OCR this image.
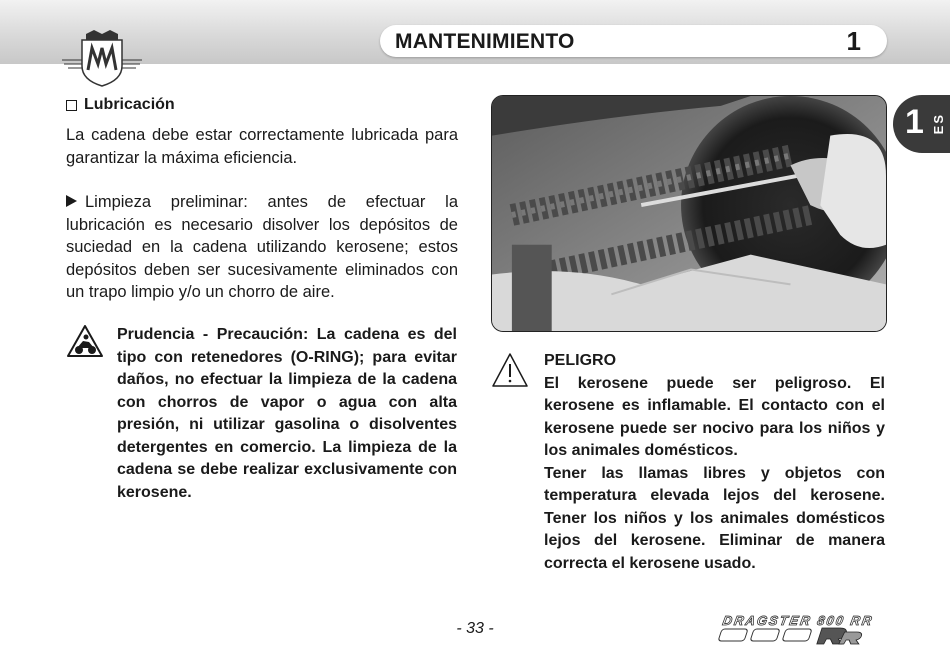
MANTENIMIENTO	1
1 ES
Lubricación

La cadena debe estar correctamente lubricada para garantizar la máxima eficiencia.

Limpieza preliminar: antes de efectuar la lubricación es necesario disolver los depósitos de suciedad en la cadena utilizando kerosene; estos depósitos deben ser sucesivamente eliminados con un trapo limpio y/o un chorro de aire.

Prudencia - Precaución: La cadena es del tipo con retenedores (O-RING); para evitar daños, no efectuar la limpieza de la cadena con chorros de vapor o agua con alta presión, ni utilizar gasolina o disolventes detergentes en comercio. La limpieza de la cadena se debe realizar exclusivamente con kerosene.
PELIGRO
El kerosene puede ser peligroso. El kerosene es inflamable. El contacto con el kerosene puede ser nocivo para los niños y los animales domésticos.
Tener las llamas libres y objetos con temperatura elevada lejos del kerosene. Tener los niños y los animales domésticos lejos del kerosene. Eliminar de manera correcta el kerosene usado.
- 33 -	DRAGSTER 800 RR
